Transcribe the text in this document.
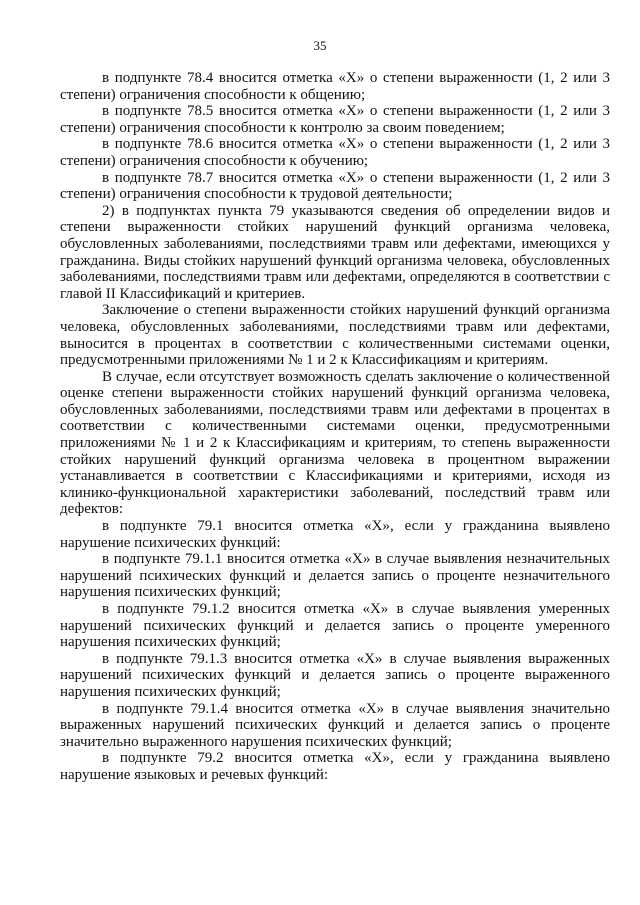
35

в подпункте 78.4 вносится отметка «Х» о степени выраженности (1, 2 или 3 степени) ограничения способности к общению;

в подпункте 78.5 вносится отметка «Х» о степени выраженности (1, 2 или 3 степени) ограничения способности к контролю за своим поведением;

в подпункте 78.6 вносится отметка «Х» о степени выраженности (1, 2 или 3 степени) ограничения способности к обучению;

в подпункте 78.7 вносится отметка «Х» о степени выраженности (1, 2 или 3 степени) ограничения способности к трудовой деятельности;

2) в подпунктах пункта 79 указываются сведения об определении видов и степени выраженности стойких нарушений функций организма человека, обусловленных заболеваниями, последствиями травм или дефектами, имеющихся у гражданина. Виды стойких нарушений функций организма человека, обусловленных заболеваниями, последствиями травм или дефектами, определяются в соответствии с главой II Классификаций и критериев.

Заключение о степени выраженности стойких нарушений функций организма человека, обусловленных заболеваниями, последствиями травм или дефектами, выносится в процентах в соответствии с количественными системами оценки, предусмотренными приложениями № 1 и 2 к Классификациям и критериям.

В случае, если отсутствует возможность сделать заключение о количественной оценке степени выраженности стойких нарушений функций организма человека, обусловленных заболеваниями, последствиями травм или дефектами в процентах в соответствии с количественными системами оценки, предусмотренными приложениями № 1 и 2 к Классификациям и критериям, то степень выраженности стойких нарушений функций организма человека в процентном выражении устанавливается в соответствии с Классификациями и критериями, исходя из клинико-функциональной характеристики заболеваний, последствий травм или дефектов:

в подпункте 79.1 вносится отметка «Х», если у гражданина выявлено нарушение психических функций:

в подпункте 79.1.1 вносится отметка «Х» в случае выявления незначительных нарушений психических функций и делается запись о проценте незначительного нарушения психических функций;

в подпункте 79.1.2 вносится отметка «Х» в случае выявления умеренных нарушений психических функций и делается запись о проценте умеренного нарушения психических функций;

в подпункте 79.1.3 вносится отметка «Х» в случае выявления выраженных нарушений психических функций и делается запись о проценте выраженного нарушения психических функций;

в подпункте 79.1.4 вносится отметка «Х» в случае выявления значительно выраженных нарушений психических функций и делается запись о проценте значительно выраженного нарушения психических функций;

в подпункте 79.2 вносится отметка «Х», если у гражданина выявлено нарушение языковых и речевых функций:
